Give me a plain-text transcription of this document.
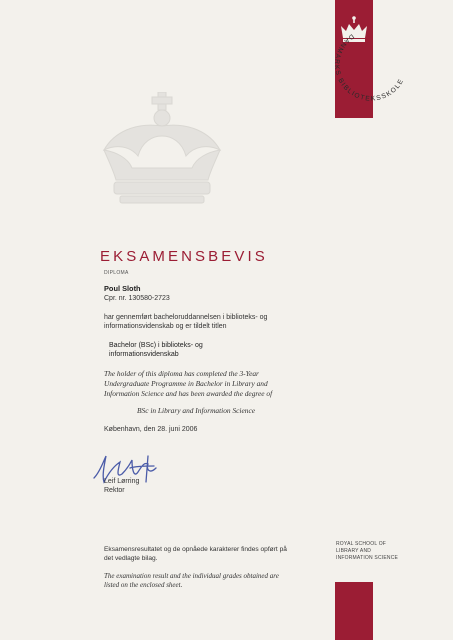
DANMARKS BIBLIOTEKSSKOLE
EKSAMENSBEVIS
DIPLOMA
Poul Sloth
Cpr. nr. 130580-2723
har gennemført bacheloruddannelsen i biblioteks- og
informationsvidenskab og er tildelt titlen
Bachelor (BSc) i biblioteks- og
informationsvidenskab
The holder of this diploma has completed the 3-Year
Undergraduate Programme in Bachelor in Library and
Information Science and has been awarded the degree of
BSc in Library and Information Science
København, den 28. juni 2006
Leif Lørring
Rektor
Eksamensresultatet og de opnåede karakterer findes opført på
det vedlagte bilag.
The examination result and the individual grades obtained are
listed on the enclosed sheet.
ROYAL SCHOOL OF
LIBRARY AND
INFORMATION SCIENCE
